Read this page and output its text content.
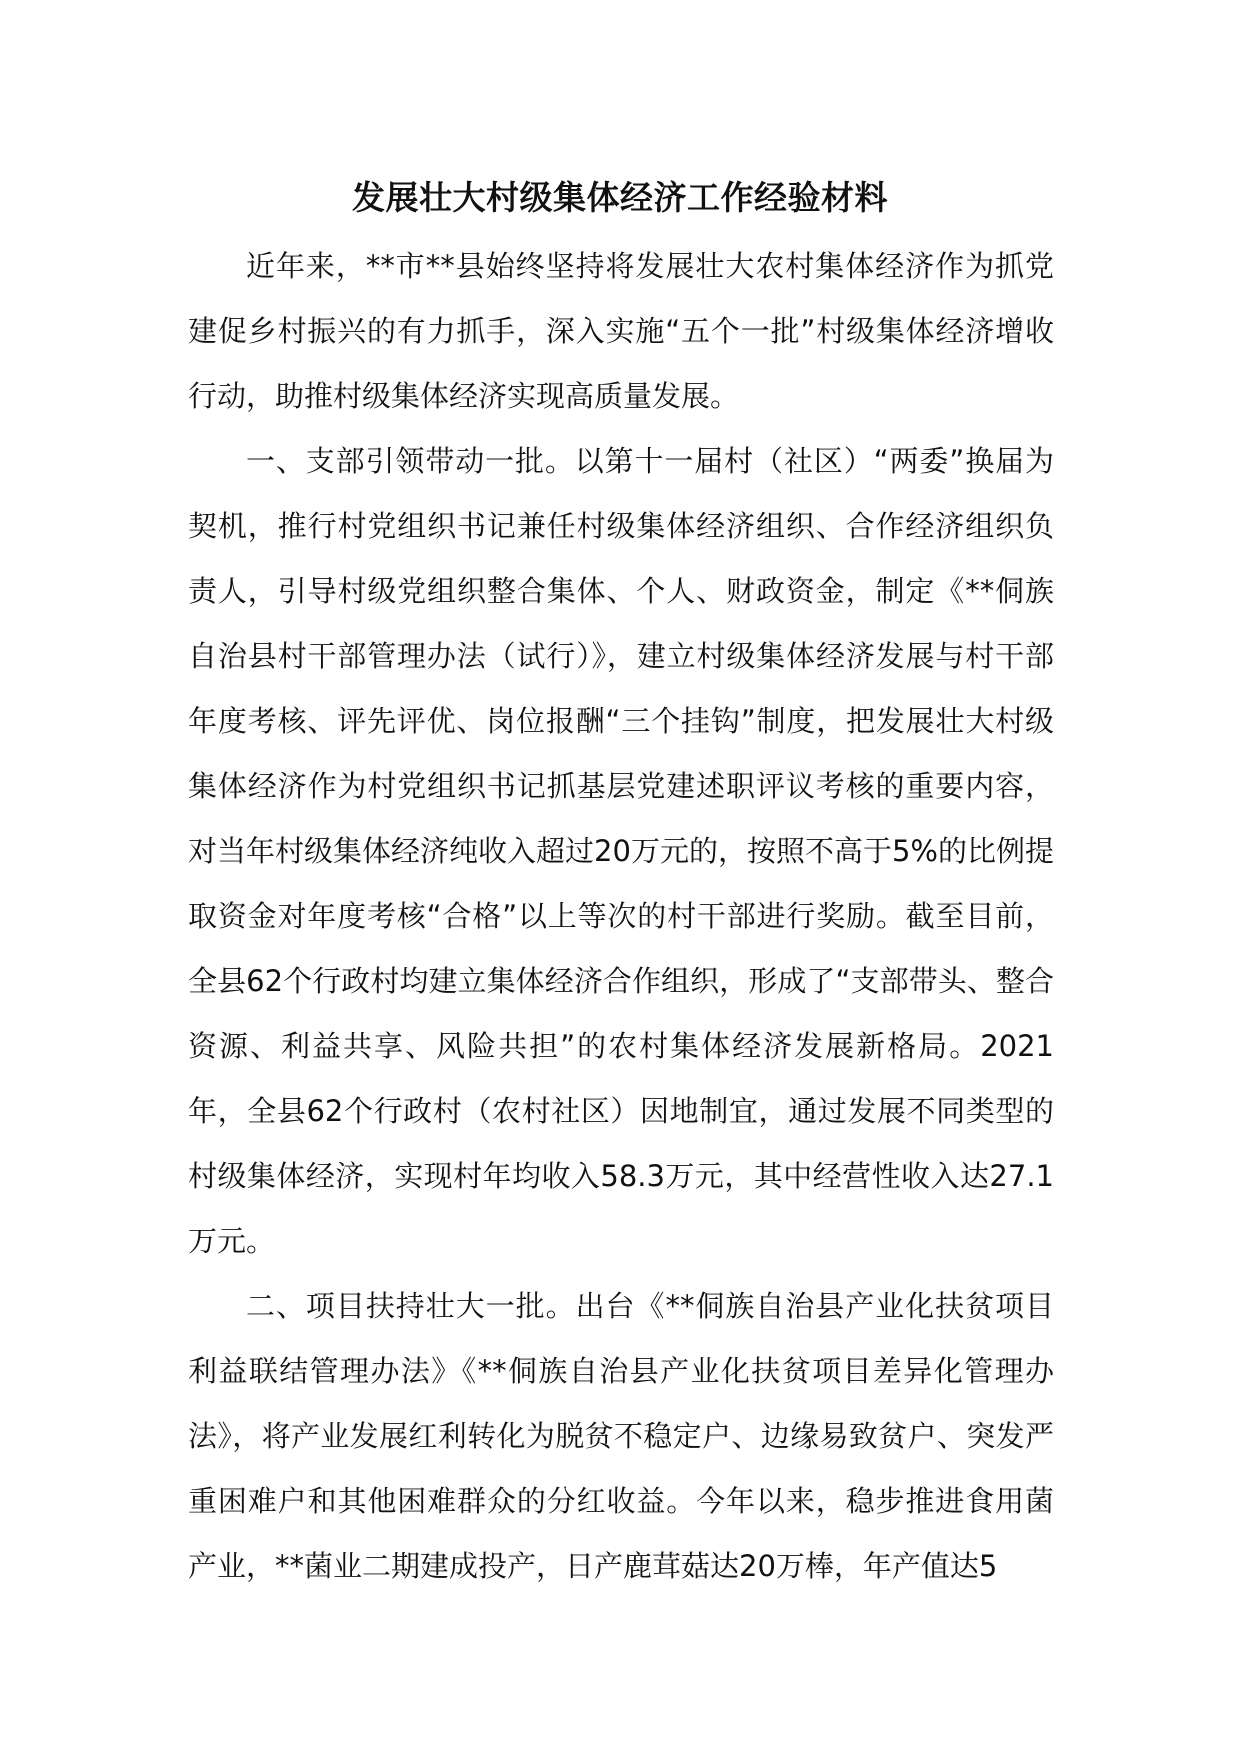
发展壮大村级集体经济工作经验材料

近年来，**市**县始终坚持将发展壮大农村集体经济作为抓党建促乡村振兴的有力抓手，深入实施“五个一批”村级集体经济增收行动，助推村级集体经济实现高质量发展。

一、支部引领带动一批。以第十一届村（社区）“两委”换届为契机，推行村党组织书记兼任村级集体经济组织、合作经济组织负责人，引导村级党组织整合集体、个人、财政资金，制定《**侗族自治县村干部管理办法（试行）》，建立村级集体经济发展与村干部年度考核、评先评优、岗位报酬“三个挂钩”制度，把发展壮大村级集体经济作为村党组织书记抓基层党建述职评议考核的重要内容，对当年村级集体经济纯收入超过20万元的，按照不高于5%的比例提取资金对年度考核“合格”以上等次的村干部进行奖励。截至目前，全县62个行政村均建立集体经济合作组织，形成了“支部带头、整合资源、利益共享、风险共担”的农村集体经济发展新格局。2021年，全县62个行政村（农村社区）因地制宜，通过发展不同类型的村级集体经济，实现村年均收入58.3万元，其中经营性收入达27.1万元。

二、项目扶持壮大一批。出台《**侗族自治县产业化扶贫项目利益联结管理办法》《**侗族自治县产业化扶贫项目差异化管理办法》，将产业发展红利转化为脱贫不稳定户、边缘易致贫户、突发严重困难户和其他困难群众的分红收益。今年以来，稳步推进食用菌产业，**菌业二期建成投产，日产鹿茸菇达20万棒，年产值达5
